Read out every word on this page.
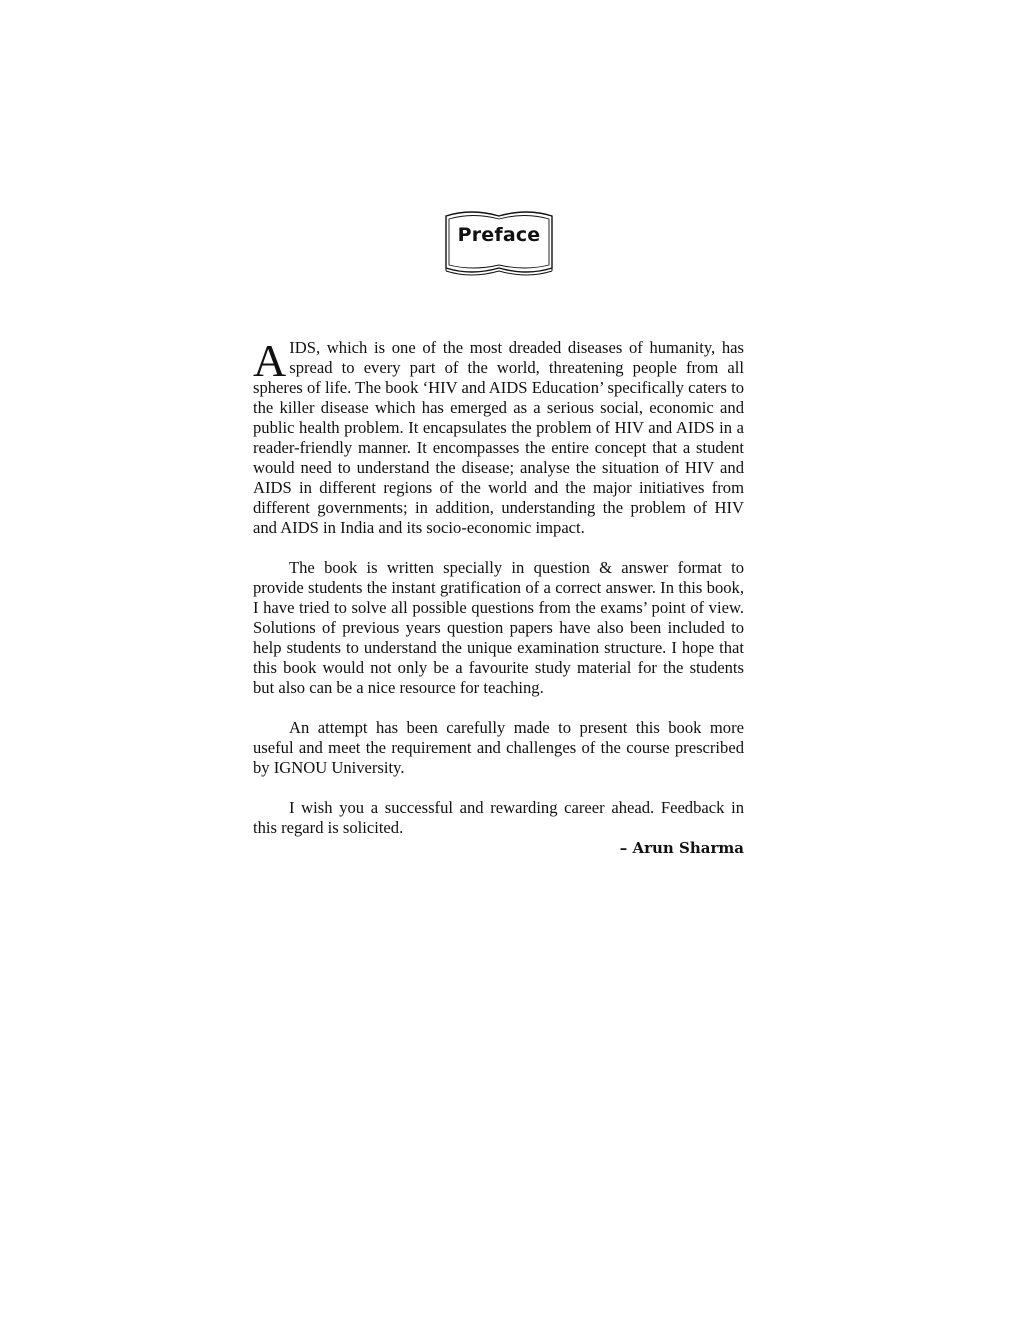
Preface

AIDS, which is one of the most dreaded diseases of humanity, has spread to every part of the world, threatening people from all spheres of life. The book ‘HIV and AIDS Education’ specifically caters to the killer disease which has emerged as a serious social, economic and public health problem. It encapsulates the problem of HIV and AIDS in a reader-friendly manner. It encompasses the entire concept that a student would need to understand the disease; analyse the situation of HIV and AIDS in different regions of the world and the major initiatives from different governments; in addition, understanding the problem of HIV and AIDS in India and its socio-economic impact.

The book is written specially in question & answer format to provide students the instant gratification of a correct answer. In this book, I have tried to solve all possible questions from the exams’ point of view. Solutions of previous years question papers have also been included to help students to understand the unique examination structure. I hope that this book would not only be a favourite study material for the students but also can be a nice resource for teaching.

An attempt has been carefully made to present this book more useful and meet the requirement and challenges of the course prescribed by IGNOU University.

I wish you a successful and rewarding career ahead. Feedback in this regard is solicited.

– Arun Sharma
